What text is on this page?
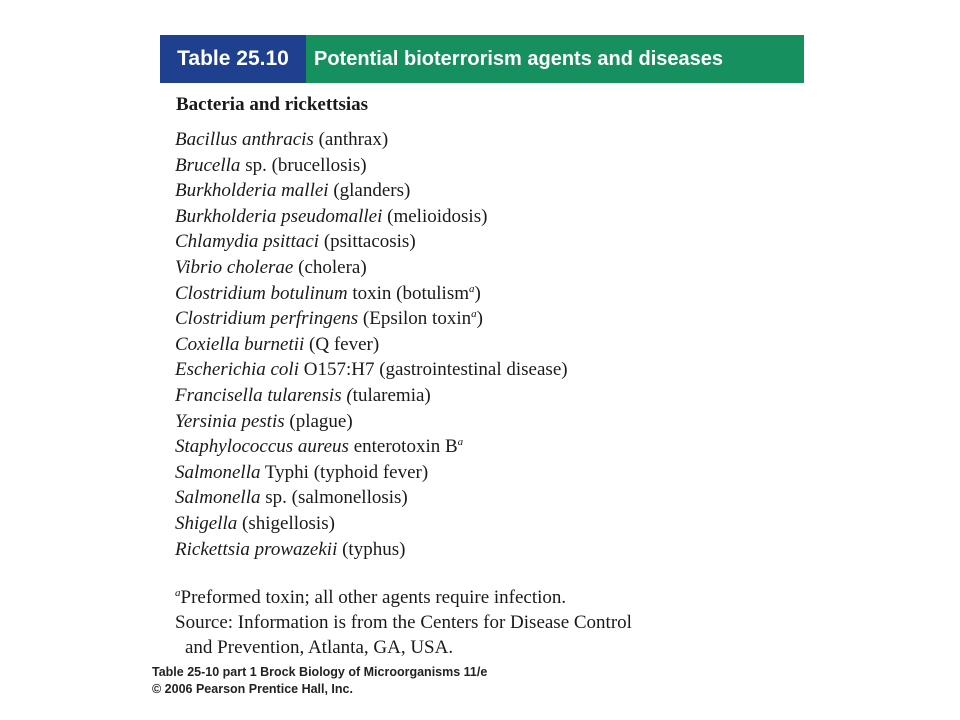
Table 25.10	Potential bioterrorism agents and diseases
Bacteria and rickettsias
Bacillus anthracis (anthrax)
Brucella sp. (brucellosis)
Burkholderia mallei (glanders)
Burkholderia pseudomallei (melioidosis)
Chlamydia psittaci (psittacosis)
Vibrio cholerae (cholera)
Clostridium botulinum toxin (botulism$^a$)
Clostridium perfringens (Epsilon toxin$^a$)
Coxiella burnetii (Q fever)
Escherichia coli O157:H7 (gastrointestinal disease)
Francisella tularensis (tularemia)
Yersinia pestis (plague)
Staphylococcus aureus enterotoxin $B^a$
Salmonella Typhi (typhoid fever)
Salmonella sp. (salmonellosis)
Shigella (shigellosis)
Rickettsia prowazekii (typhus)
$^a$Preformed toxin; all other agents require infection.
Source: Information is from the Centers for Disease Control
and Prevention, Atlanta, GA, USA.
Table 25-10 part 1 Brock Biology of Microorganisms 11/e
© 2006 Pearson Prentice Hall, Inc.
